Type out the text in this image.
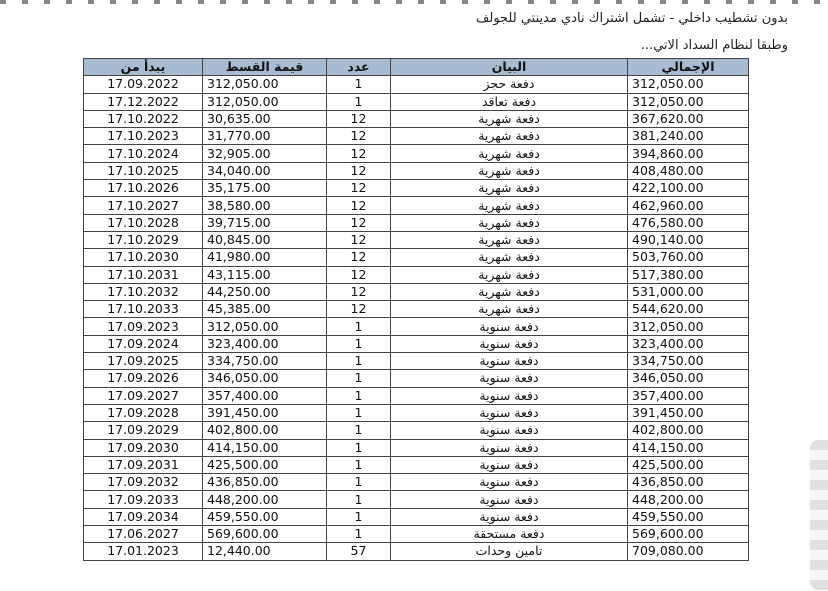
بدون تشطيب داخلي - تشمل اشتراك نادي مدينتي للجولف
وطبقا لنظام السداد الاتي...
يبدأ من	قيمة القسط	عدد	البيان	الإجمالي
17.09.2022	312,050.00	1	دفعة حجز	312,050.00
17.12.2022	312,050.00	1	دفعة تعاقد	312,050.00
17.10.2022	30,635.00	12	دفعة شهرية	367,620.00
17.10.2023	31,770.00	12	دفعة شهرية	381,240.00
17.10.2024	32,905.00	12	دفعة شهرية	394,860.00
17.10.2025	34,040.00	12	دفعة شهرية	408,480.00
17.10.2026	35,175.00	12	دفعة شهرية	422,100.00
17.10.2027	38,580.00	12	دفعة شهرية	462,960.00
17.10.2028	39,715.00	12	دفعة شهرية	476,580.00
17.10.2029	40,845.00	12	دفعة شهرية	490,140.00
17.10.2030	41,980.00	12	دفعة شهرية	503,760.00
17.10.2031	43,115.00	12	دفعة شهرية	517,380.00
17.10.2032	44,250.00	12	دفعة شهرية	531,000.00
17.10.2033	45,385.00	12	دفعة شهرية	544,620.00
17.09.2023	312,050.00	1	دفعة سنوية	312,050.00
17.09.2024	323,400.00	1	دفعة سنوية	323,400.00
17.09.2025	334,750.00	1	دفعة سنوية	334,750.00
17.09.2026	346,050.00	1	دفعة سنوية	346,050.00
17.09.2027	357,400.00	1	دفعة سنوية	357,400.00
17.09.2028	391,450.00	1	دفعة سنوية	391,450.00
17.09.2029	402,800.00	1	دفعة سنوية	402,800.00
17.09.2030	414,150.00	1	دفعة سنوية	414,150.00
17.09.2031	425,500.00	1	دفعة سنوية	425,500.00
17.09.2032	436,850.00	1	دفعة سنوية	436,850.00
17.09.2033	448,200.00	1	دفعة سنوية	448,200.00
17.09.2034	459,550.00	1	دفعة سنوية	459,550.00
17.06.2027	569,600.00	1	دفعة مستحقة	569,600.00
17.01.2023	12,440.00	57	تامين وحدات	709,080.00
